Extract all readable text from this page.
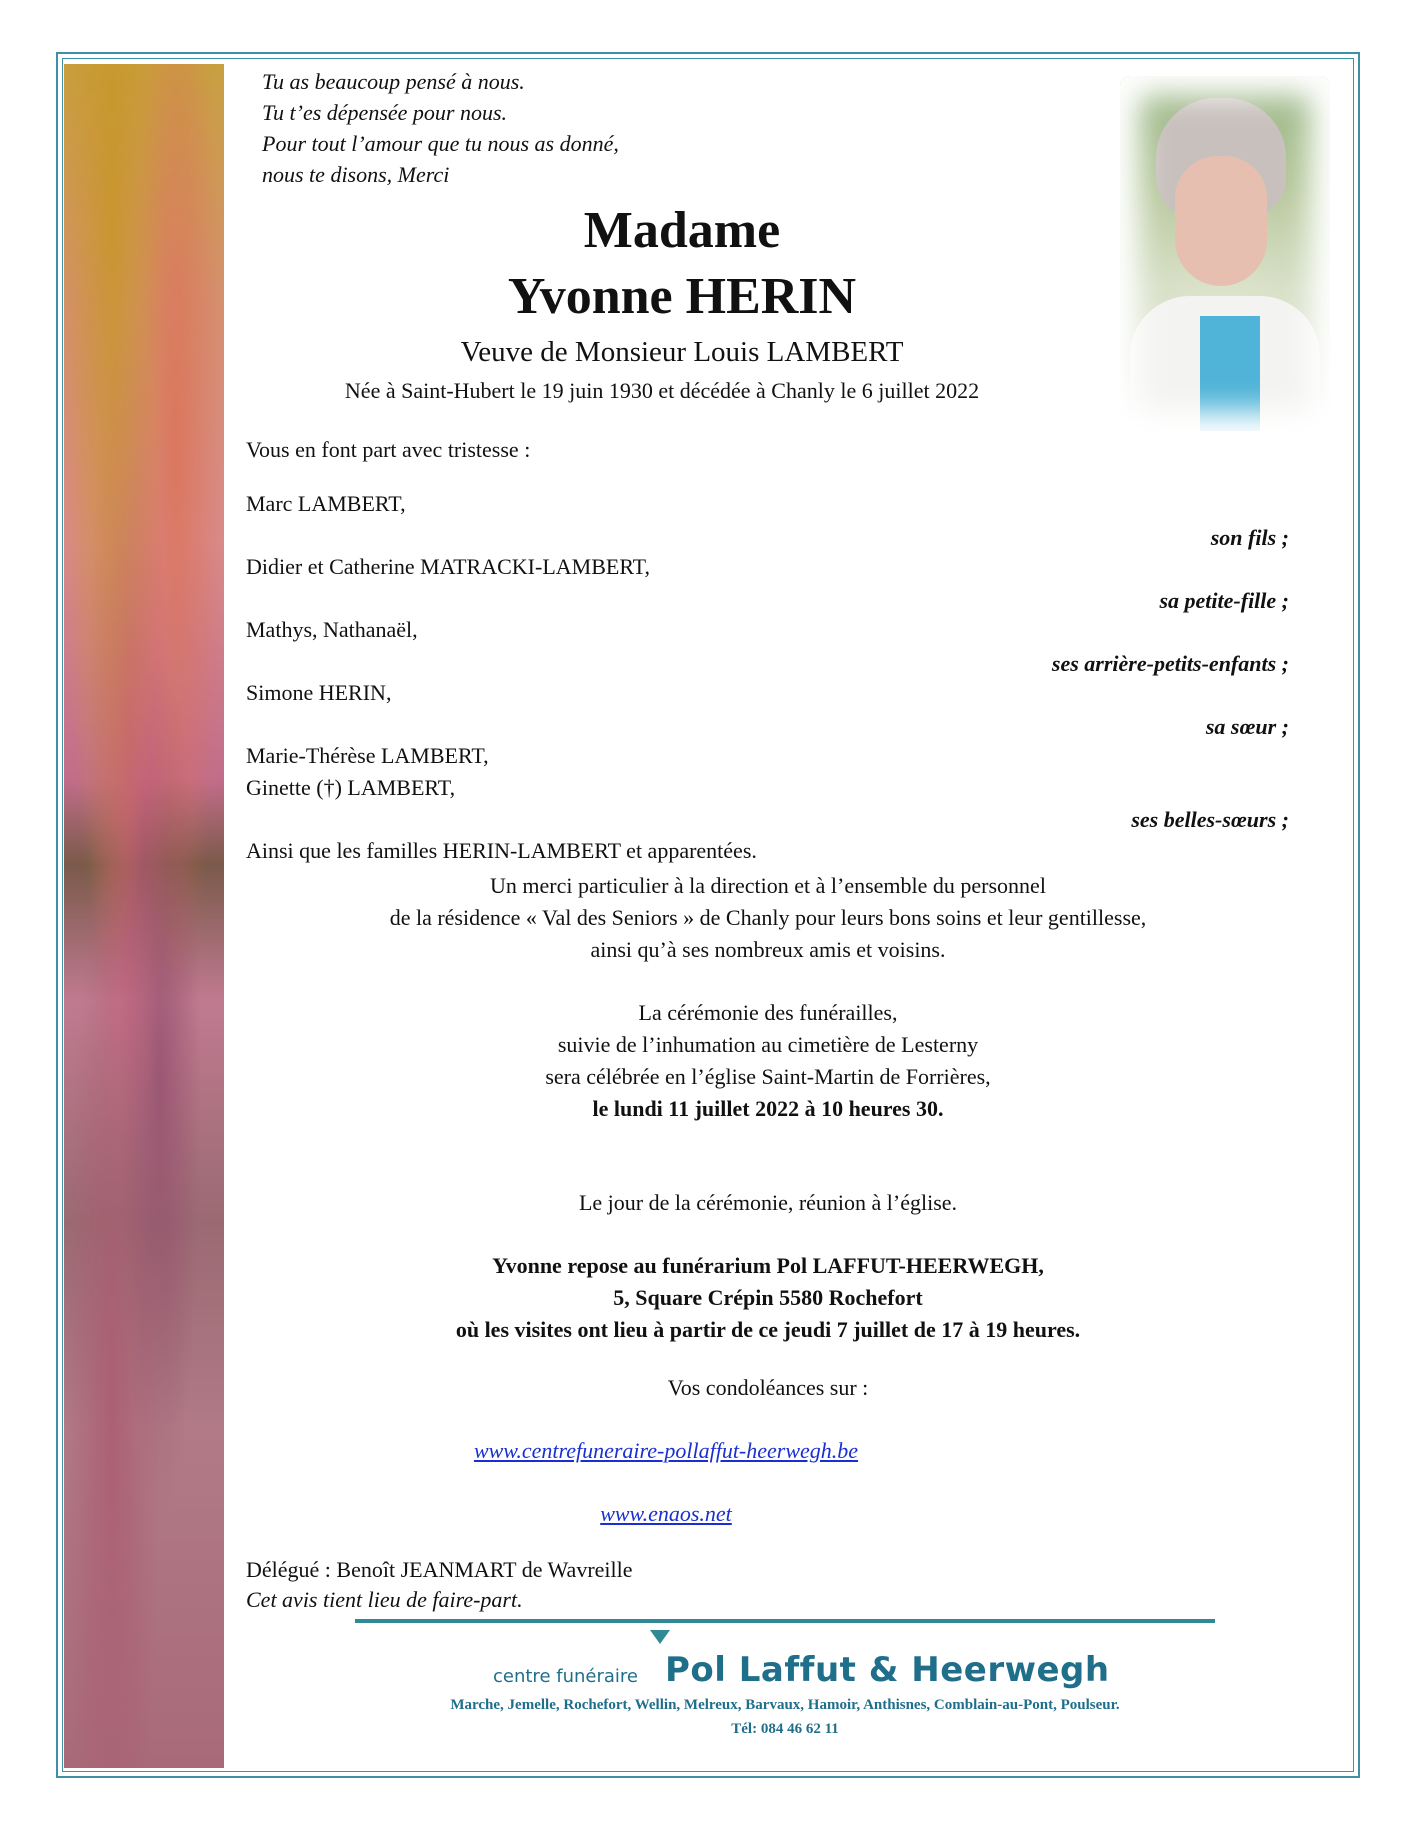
Tu as beaucoup pensé à nous.
Tu t’es dépensée pour nous.
Pour tout l’amour que tu nous as donné,
nous te disons, Merci
Madame
Yvonne HERIN
Veuve de Monsieur Louis LAMBERT
Née à Saint-Hubert le 19 juin 1930 et décédée à Chanly le 6 juillet 2022
Vous en font part avec tristesse :
Marc LAMBERT,
son fils ;
Didier et Catherine MATRACKI-LAMBERT,
sa petite-fille ;
Mathys, Nathanaël,
ses arrière-petits-enfants ;
Simone HERIN,
sa sœur ;
Marie-Thérèse LAMBERT,
Ginette (†) LAMBERT,
ses belles-sœurs ;
Ainsi que les familles HERIN-LAMBERT et apparentées.
Un merci particulier à la direction et à l’ensemble du personnel
de la résidence « Val des Seniors » de Chanly pour leurs bons soins et leur gentillesse,
ainsi qu’à ses nombreux amis et voisins.
La cérémonie des funérailles,
suivie de l’inhumation au cimetière de Lesterny
sera célébrée en l’église Saint-Martin de Forrières,
le lundi 11 juillet 2022 à 10 heures 30.
Le jour de la cérémonie, réunion à l’église.
Yvonne repose au funérarium Pol LAFFUT-HEERWEGH,
5, Square Crépin 5580 Rochefort
où les visites ont lieu à partir de ce jeudi 7 juillet de 17 à 19 heures.
Vos condoléances sur :
www.centrefuneraire-pollaffut-heerwegh.be
www.enaos.net
Délégué : Benoît JEANMART de Wavreille
Cet avis tient lieu de faire-part.
centre funéraire Pol Laffut & Heerwegh
Marche, Jemelle, Rochefort, Wellin, Melreux, Barvaux, Hamoir, Anthisnes, Comblain-au-Pont, Poulseur.
Tél: 084 46 62 11
